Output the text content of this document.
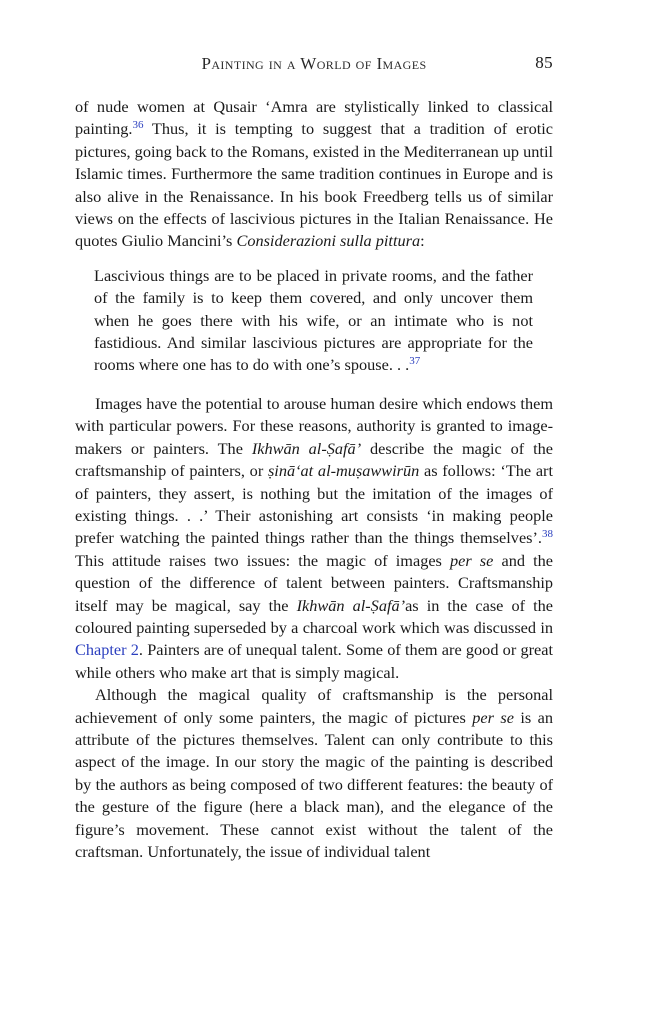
Painting in a World of Images	85

of nude women at Qusair ‘Amra are stylistically linked to classical painting.$^{36}$ Thus, it is tempting to suggest that a tradition of erotic pictures, going back to the Romans, existed in the Mediterranean up until Islamic times. Furthermore the same tradition continues in Europe and is also alive in the Renaissance. In his book Freedberg tells us of similar views on the effects of lascivious pictures in the Italian Renaissance. He quotes Giulio Mancini’s Considerazioni sulla pittura:

Lascivious things are to be placed in private rooms, and the father of the family is to keep them covered, and only uncover them when he goes there with his wife, or an intimate who is not fastidious. And similar lascivious pictures are appropriate for the rooms where one has to do with one’s spouse. . .$^{37}$

Images have the potential to arouse human desire which endows them with particular powers. For these reasons, authority is granted to image-makers or painters. The Ikhwān al-Ṣafā’ describe the magic of the craftsmanship of painters, or ṣinā‘at al-muṣawwirūn as follows: ‘The art of painters, they assert, is nothing but the imitation of the images of existing things. . .’ Their astonishing art consists ‘in making people prefer watching the painted things rather than the things themselves’.$^{38}$ This attitude raises two issues: the magic of images per se and the question of the difference of talent between painters. Craftsmanship itself may be magical, say the Ikhwān al-Ṣafā’as in the case of the coloured painting superseded by a charcoal work which was discussed in Chapter 2. Painters are of unequal talent. Some of them are good or great while others who make art that is simply magical.

Although the magical quality of craftsmanship is the personal achievement of only some painters, the magic of pictures per se is an attribute of the pictures themselves. Talent can only contribute to this aspect of the image. In our story the magic of the painting is described by the authors as being composed of two different features: the beauty of the gesture of the figure (here a black man), and the elegance of the figure’s movement. These cannot exist without the talent of the craftsman. Unfortunately, the issue of individual talent
